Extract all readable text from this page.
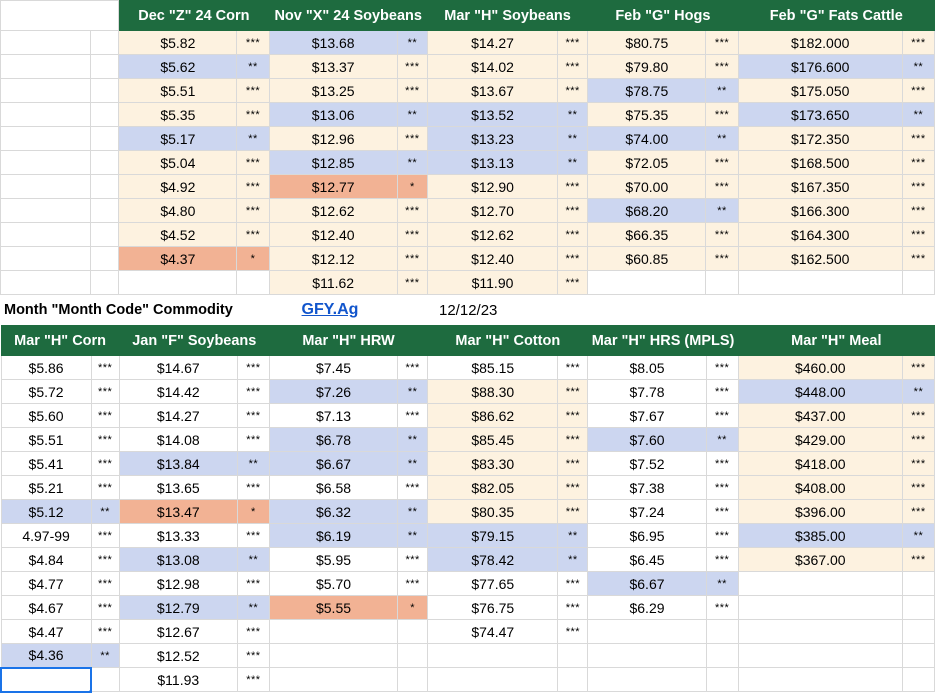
		Dec "Z" 24 Corn		Nov "X" 24 Soybeans		Mar "H" Soybeans		Feb "G" Hogs		Feb "G" Fats Cattle	
		$5.82	***	$13.68	**	$14.27	***	$80.75	***	$182.000	***
		$5.62	**	$13.37	***	$14.02	***	$79.80	***	$176.600	**
		$5.51	***	$13.25	***	$13.67	***	$78.75	**	$175.050	***
		$5.35	***	$13.06	**	$13.52	**	$75.35	***	$173.650	**
		$5.17	**	$12.96	***	$13.23	**	$74.00	**	$172.350	***
		$5.04	***	$12.85	**	$13.13	**	$72.05	***	$168.500	***
		$4.92	***	$12.77	*	$12.90	***	$70.00	***	$167.350	***
		$4.80	***	$12.62	***	$12.70	***	$68.20	**	$166.300	***
		$4.52	***	$12.40	***	$12.62	***	$66.35	***	$164.300	***
		$4.37	*	$12.12	***	$12.40	***	$60.85	***	$162.500	***
				$11.62	***	$11.90	***				
Month "Month Code" Commodity		GFY.Ag		12/12/23
Mar "H" Corn		Jan "F" Soybeans		Mar "H" HRW		Mar "H" Cotton		Mar "H" HRS (MPLS)		Mar "H" Meal	
$5.86	***	$14.67	***	$7.45	***	$85.15	***	$8.05	***	$460.00	***
$5.72	***	$14.42	***	$7.26	**	$88.30	***	$7.78	***	$448.00	**
$5.60	***	$14.27	***	$7.13	***	$86.62	***	$7.67	***	$437.00	***
$5.51	***	$14.08	***	$6.78	**	$85.45	***	$7.60	**	$429.00	***
$5.41	***	$13.84	**	$6.67	**	$83.30	***	$7.52	***	$418.00	***
$5.21	***	$13.65	***	$6.58	***	$82.05	***	$7.38	***	$408.00	***
$5.12	**	$13.47	*	$6.32	**	$80.35	***	$7.24	***	$396.00	***
4.97-99	***	$13.33	***	$6.19	**	$79.15	**	$6.95	***	$385.00	**
$4.84	***	$13.08	**	$5.95	***	$78.42	**	$6.45	***	$367.00	***
$4.77	***	$12.98	***	$5.70	***	$77.65	***	$6.67	**		
$4.67	***	$12.79	**	$5.55	*	$76.75	***	$6.29	***		
$4.47	***	$12.67	***			$74.47	***				
$4.36	**	$12.52	***								

		$11.93	***								
